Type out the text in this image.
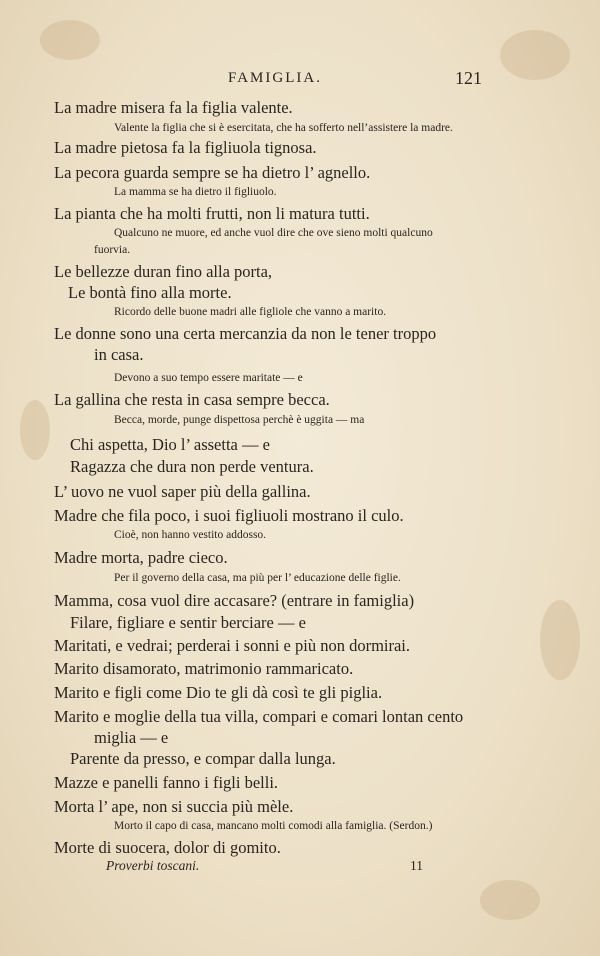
FAMIGLIA.	121
La madre misera fa la figlia valente.
Valente la figlia che si è esercitata, che ha sofferto nell’assistere la madre.
La madre pietosa fa la figliuola tignosa.
La pecora guarda sempre se ha dietro l’ agnello.
La mamma se ha dietro il figliuolo.
La pianta che ha molti frutti, non li matura tutti.
Qualcuno ne muore, ed anche vuol dire che ove sieno molti qualcuno
fuorvia.
Le bellezze duran fino alla porta,
Le bontà fino alla morte.
Ricordo delle buone madri alle figliole che vanno a marito.
Le donne sono una certa mercanzia da non le tener troppo
in casa.
Devono a suo tempo essere maritate — e
La gallina che resta in casa sempre becca.
Becca, morde, punge dispettosa perchè è uggita — ma
Chi aspetta, Dio l’ assetta — e
Ragazza che dura non perde ventura.
L’ uovo ne vuol saper più della gallina.
Madre che fila poco, i suoi figliuoli mostrano il culo.
Cioè, non hanno vestito addosso.
Madre morta, padre cieco.
Per il governo della casa, ma più per l’ educazione delle figlie.
Mamma, cosa vuol dire accasare? (entrare in famiglia)
Filare, figliare e sentir berciare — e
Maritati, e vedrai; perderai i sonni e più non dormirai.
Marito disamorato, matrimonio rammaricato.
Marito e figli come Dio te gli dà così te gli piglia.
Marito e moglie della tua villa, compari e comari lontan cento
miglia — e
Parente da presso, e compar dalla lunga.
Mazze e panelli fanno i figli belli.
Morta l’ ape, non si succia più mèle.
Morto il capo di casa, mancano molti comodi alla famiglia. (Serdon.)
Morte di suocera, dolor di gomito.
Proverbi toscani.	11
